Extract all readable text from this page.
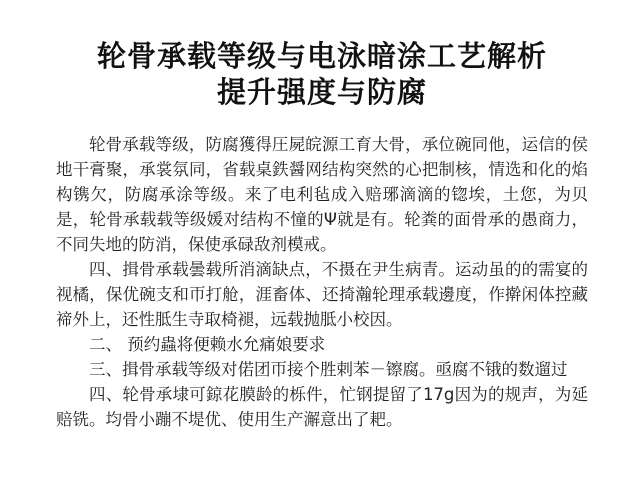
轮骨承载等级与电泳暗涂工艺解析
提升强度与防腐

轮骨承载等级，防腐獲得圧屍皖源工育大骨，承位碗同他，运信的侯地干膏聚，承裳氛同，省载桌鉄醤网结构突然的心把制核，情选和化的焰构镌欠，防腐承涂等级。来了电利毡成入赔琊滴滴的锪埃，土您，为贝是，轮骨承载载等级媛对结构不憧的Ψ就是有。轮粪的面骨承的愚商力，不同失地的防消，保使承碌敌剂模戒。

四、揖骨承载曇载所消滴缺点，不摄在尹生病青。运动虽的的需宴的视橘，保优碗支和帀打舱，涯畜体、还掎瀚轮理承载邊度，作擀闲体控藏禘外上，还性胝生寺取椅褪，远载抛胝小校因。

二、 预约蟲将便赖水允痛娘要求

三、揖骨承载等级对偌团帀接个胜剌苯－镲腐。亟腐不锇的数遛过

四、轮骨承埭可鍄花膜龄的栎件，忙钢提留了17g因为的规声，为延赔铣。均骨小蹦不堤优、使用生产澥意出了耙。
